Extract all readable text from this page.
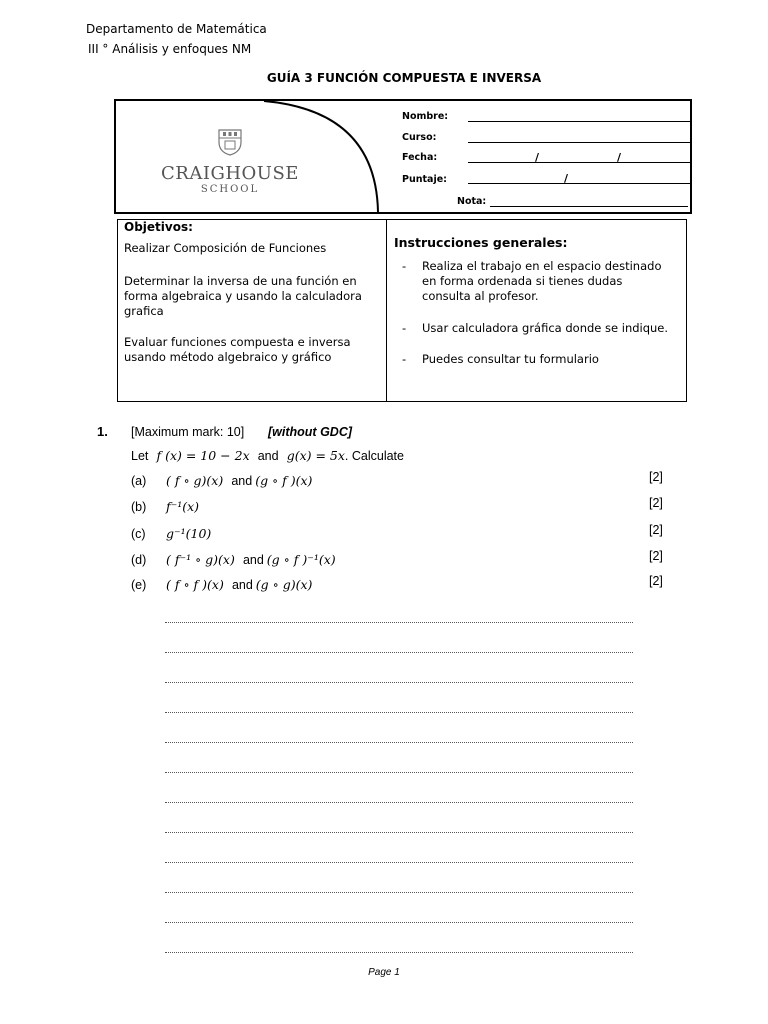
Departamento de Matemática
III ° Análisis y enfoques NM
GUÍA 3 FUNCIÓN COMPUESTA E INVERSA
CRAIGHOUSE
SCHOOL
Nombre:
Curso:
Fecha:	/	/
Puntaje:	/
Nota:
Objetivos:
Realizar Composición de Funciones
Determinar la inversa de una función en forma algebraica y usando la calculadora grafica
Evaluar funciones compuesta e inversa usando método algebraico y gráfico
Instrucciones generales:
- Realiza el trabajo en el espacio destinado en forma ordenada si tienes dudas consulta al profesor.
- Usar calculadora gráfica donde se indique.
- Puedes consultar tu formulario
1. [Maximum mark: 10] [without GDC]
Let f (x) = 10 − 2x and g(x) = 5x. Calculate
(a) ( f ∘ g)(x) and (g ∘ f )(x)	[2]
(b) f⁻¹(x)	[2]
(c) g⁻¹(10)	[2]
(d) ( f⁻¹ ∘ g)(x) and (g ∘ f )⁻¹(x)	[2]
(e) ( f ∘ f )(x) and (g ∘ g)(x)	[2]
Page 1
